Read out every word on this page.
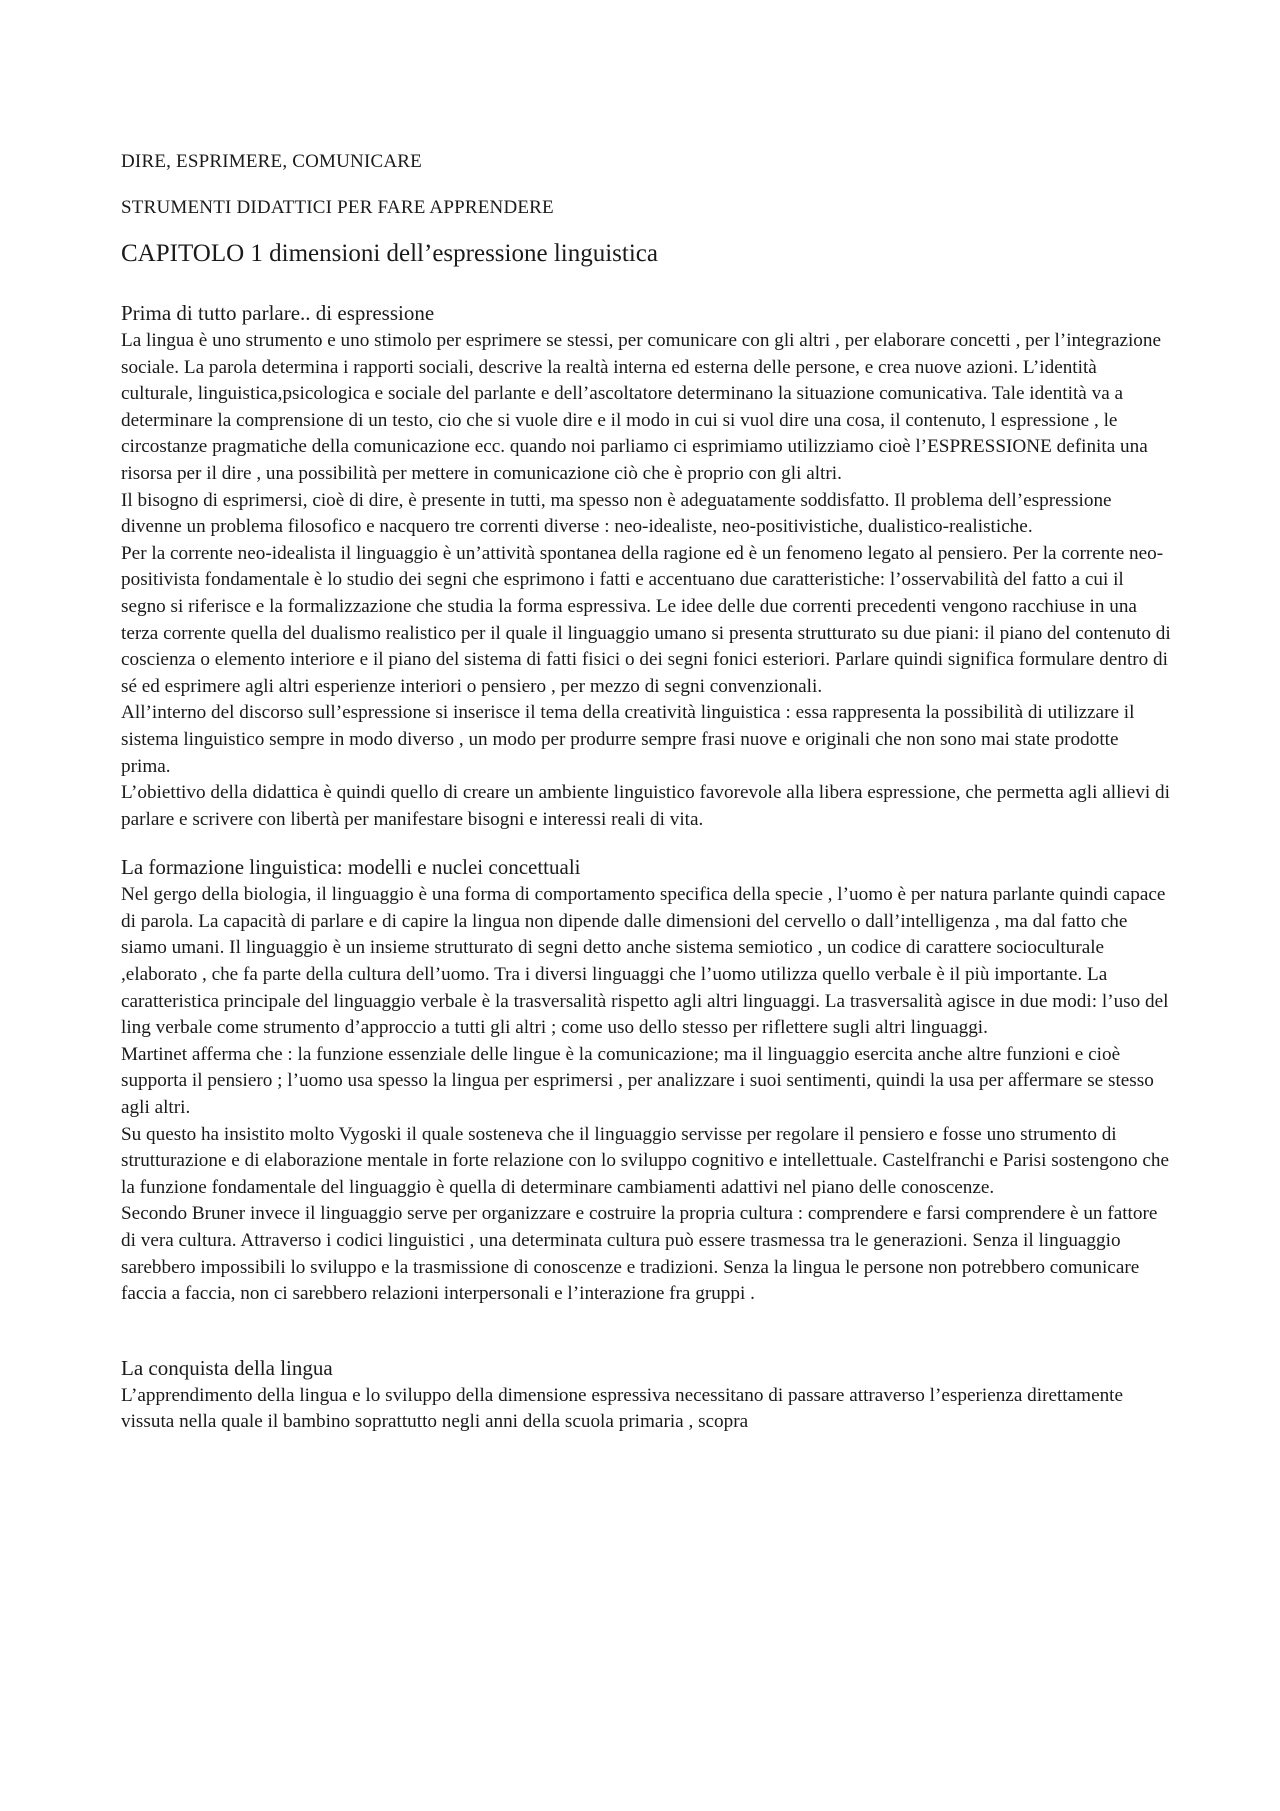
DIRE, ESPRIMERE, COMUNICARE

STRUMENTI DIDATTICI PER FARE APPRENDERE

CAPITOLO 1 dimensioni dell’espressione linguistica
Prima di tutto parlare.. di espressione

La lingua è uno strumento e uno stimolo per esprimere se stessi, per comunicare con gli altri , per elaborare concetti , per l’integrazione sociale. La parola determina i rapporti sociali, descrive la realtà interna ed esterna delle persone, e crea nuove azioni. L’identità culturale, linguistica,psicologica e sociale del parlante e dell’ascoltatore determinano la situazione comunicativa. Tale identità va a determinare la comprensione di un testo, cio che si vuole dire e il modo in cui si vuol dire una cosa, il contenuto, l espressione , le circostanze pragmatiche della comunicazione ecc. quando noi parliamo ci esprimiamo utilizziamo cioè l’ESPRESSIONE definita una risorsa per il dire , una possibilità per mettere in comunicazione ciò che è proprio con gli altri.

Il bisogno di esprimersi, cioè di dire, è presente in tutti, ma spesso non è adeguatamente soddisfatto. Il problema dell’espressione divenne un problema filosofico e nacquero tre correnti diverse : neo-idealiste, neo-positivistiche, dualistico-realistiche.

Per la corrente neo-idealista il linguaggio è un’attività spontanea della ragione ed è un fenomeno legato al pensiero. Per la corrente neo-positivista fondamentale è lo studio dei segni che esprimono i fatti e accentuano due caratteristiche: l’osservabilità del fatto a cui il segno si riferisce e la formalizzazione che studia la forma espressiva. Le idee delle due correnti precedenti vengono racchiuse in una terza corrente quella del dualismo realistico per il quale il linguaggio umano si presenta strutturato su due piani: il piano del contenuto di coscienza o elemento interiore e il piano del sistema di fatti fisici o dei segni fonici esteriori. Parlare quindi significa formulare dentro di sé ed esprimere agli altri esperienze interiori o pensiero , per mezzo di segni convenzionali.

All’interno del discorso sull’espressione si inserisce il tema della creatività linguistica : essa rappresenta la possibilità di utilizzare il sistema linguistico sempre in modo diverso , un modo per produrre sempre frasi nuove e originali che non sono mai state prodotte prima.

L’obiettivo della didattica è quindi quello di creare un ambiente linguistico favorevole alla libera espressione, che permetta agli allievi di parlare e scrivere con libertà per manifestare bisogni e interessi reali di vita.

La formazione linguistica: modelli e nuclei concettuali

Nel gergo della biologia, il linguaggio è una forma di comportamento specifica della specie , l’uomo è per natura parlante quindi capace di parola. La capacità di parlare e di capire la lingua non dipende dalle dimensioni del cervello o dall’intelligenza , ma dal fatto che siamo umani. Il linguaggio è un insieme strutturato di segni detto anche sistema semiotico , un codice di carattere socioculturale ,elaborato , che fa parte della cultura dell’uomo. Tra i diversi linguaggi che l’uomo utilizza quello verbale è il più importante. La caratteristica principale del linguaggio verbale è la trasversalità rispetto agli altri linguaggi. La trasversalità agisce in due modi: l’uso del ling verbale come strumento d’approccio a tutti gli altri ; come uso dello stesso per riflettere sugli altri linguaggi.

Martinet afferma che : la funzione essenziale delle lingue è la comunicazione; ma il linguaggio esercita anche altre funzioni e cioè supporta il pensiero ; l’uomo usa spesso la lingua per esprimersi , per analizzare i suoi sentimenti, quindi la usa per affermare se stesso agli altri.

Su questo ha insistito molto Vygoski il quale sosteneva che il linguaggio servisse per regolare il pensiero e fosse uno strumento di strutturazione e di elaborazione mentale in forte relazione con lo sviluppo cognitivo e intellettuale. Castelfranchi e Parisi sostengono che la funzione fondamentale del linguaggio è quella di determinare cambiamenti adattivi nel piano delle conoscenze.

Secondo Bruner invece il linguaggio serve per organizzare e costruire la propria cultura : comprendere e farsi comprendere è un fattore di vera cultura. Attraverso i codici linguistici , una determinata cultura può essere trasmessa tra le generazioni. Senza il linguaggio sarebbero impossibili lo sviluppo e la trasmissione di conoscenze e tradizioni. Senza la lingua le persone non potrebbero comunicare faccia a faccia, non ci sarebbero relazioni interpersonali e l’interazione fra gruppi .

La conquista della lingua

L’apprendimento della lingua e lo sviluppo della dimensione espressiva necessitano di passare attraverso l’esperienza direttamente vissuta nella quale il bambino soprattutto negli anni della scuola primaria , scopra
